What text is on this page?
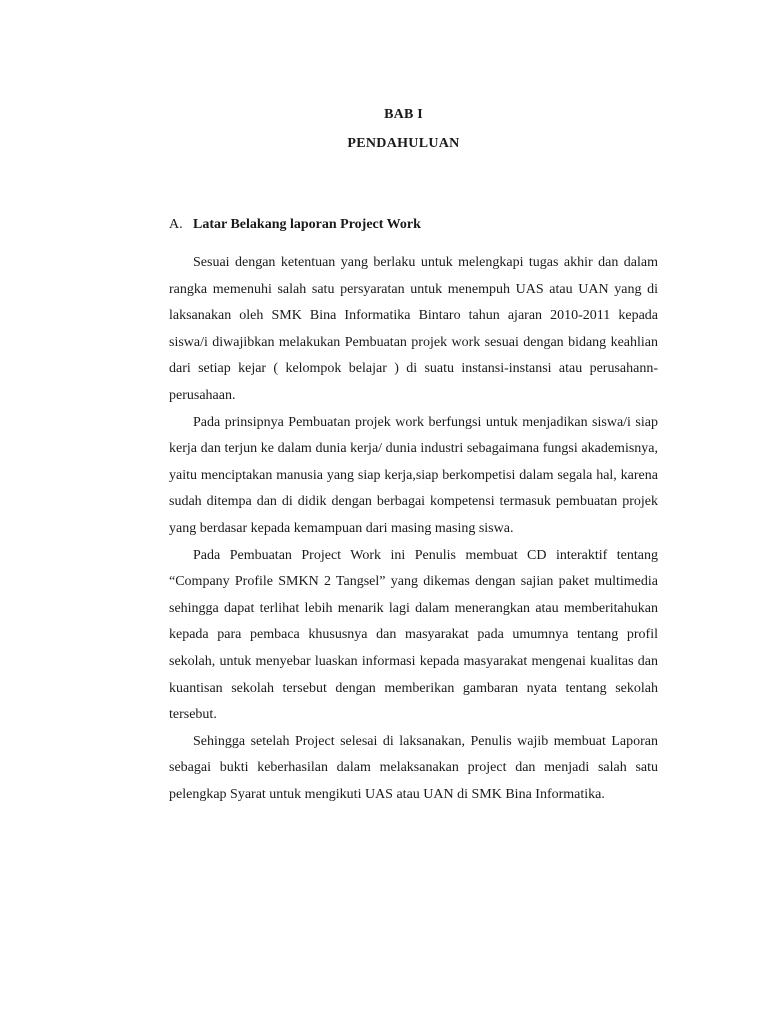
BAB I
PENDAHULUAN
A. Latar Belakang laporan Project Work

Sesuai dengan ketentuan yang berlaku untuk melengkapi tugas akhir dan dalam rangka memenuhi salah satu persyaratan untuk menempuh UAS atau UAN yang di laksanakan oleh SMK Bina Informatika Bintaro tahun ajaran 2010-2011 kepada siswa/i diwajibkan melakukan Pembuatan projek work sesuai dengan bidang keahlian dari setiap kejar ( kelompok belajar ) di suatu instansi-instansi atau perusahann-perusahaan.

Pada prinsipnya Pembuatan projek work berfungsi untuk menjadikan siswa/i siap kerja dan terjun ke dalam dunia kerja/ dunia industri sebagaimana fungsi akademisnya, yaitu menciptakan manusia yang siap kerja,siap berkompetisi dalam segala hal, karena sudah ditempa dan di didik dengan berbagai kompetensi termasuk pembuatan projek yang berdasar kepada kemampuan dari masing masing siswa.

Pada Pembuatan Project Work ini Penulis membuat CD interaktif tentang “Company Profile SMKN 2 Tangsel” yang dikemas dengan sajian paket multimedia sehingga dapat terlihat lebih menarik lagi dalam menerangkan atau memberitahukan kepada para pembaca khususnya dan masyarakat pada umumnya tentang profil sekolah, untuk menyebar luaskan informasi kepada masyarakat mengenai kualitas dan kuantisan sekolah tersebut dengan memberikan gambaran nyata tentang sekolah tersebut.

Sehingga setelah Project selesai di laksanakan, Penulis wajib membuat Laporan sebagai bukti keberhasilan dalam melaksanakan project dan menjadi salah satu pelengkap Syarat untuk mengikuti UAS atau UAN di SMK Bina Informatika.
